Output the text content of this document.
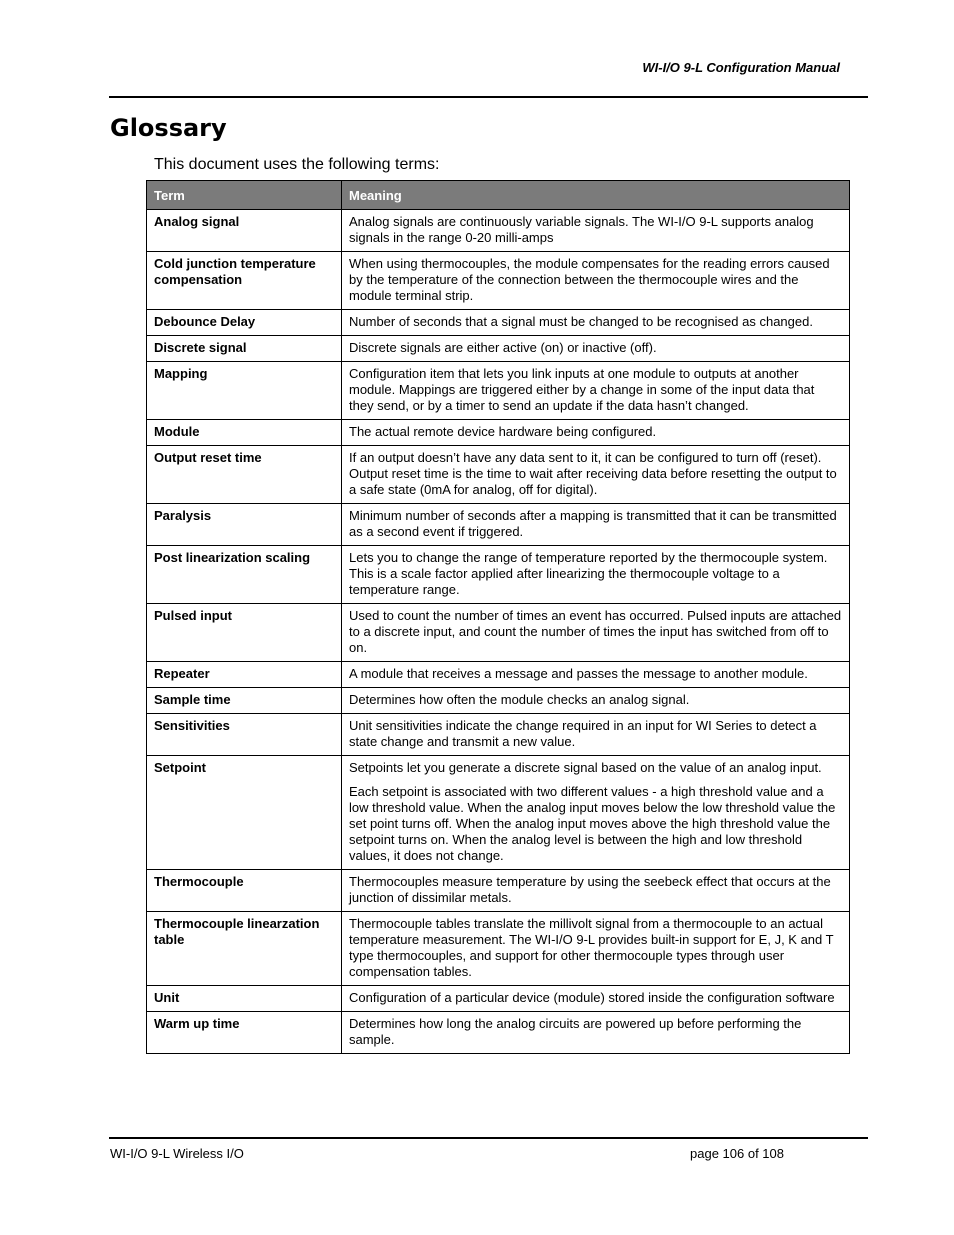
WI-I/O 9-L Configuration Manual
Glossary
This document uses the following terms:
Term	Meaning
Analog signal	Analog signals are continuously variable signals. The WI-I/O 9-L supports analog signals in the range 0-20 milli-amps

Cold junction temperature compensation	When using thermocouples, the module compensates for the reading errors caused by the temperature of the connection between the thermocouple wires and the module terminal strip.

Debounce Delay	Number of seconds that a signal must be changed to be recognised as changed.

Discrete signal	Discrete signals are either active (on) or inactive (off).

Mapping	Configuration item that lets you link inputs at one module to outputs at another module. Mappings are triggered either by a change in some of the input data that they send, or by a timer to send an update if the data hasn’t changed.

Module	The actual remote device hardware being configured.

Output reset time	If an output doesn’t have any data sent to it, it can be configured to turn off (reset). Output reset time is the time to wait after receiving data before resetting the output to a safe state (0mA for analog, off for digital).

Paralysis	Minimum number of seconds after a mapping is transmitted that it can be transmitted as a second event if triggered.

Post linearization scaling	Lets you to change the range of temperature reported by the thermocouple system. This is a scale factor applied after linearizing the thermocouple voltage to a temperature range.

Pulsed input	Used to count the number of times an event has occurred. Pulsed inputs are attached to a discrete input, and count the number of times the input has switched from off to on.

Repeater	A module that receives a message and passes the message to another module.

Sample time	Determines how often the module checks an analog signal.

Sensitivities	Unit sensitivities indicate the change required in an input for WI Series to detect a state change and transmit a new value.

Setpoint	Setpoints let you generate a discrete signal based on the value of an analog input.

Each setpoint is associated with two different values - a high threshold value and a low threshold value. When the analog input moves below the low threshold value the set point turns off. When the analog input moves above the high threshold value the setpoint turns on. When the analog level is between the high and low threshold values, it does not change.

Thermocouple	Thermocouples measure temperature by using the seebeck effect that occurs at the junction of dissimilar metals.

Thermocouple linearzation table	Thermocouple tables translate the millivolt signal from a thermocouple to an actual temperature measurement. The WI-I/O 9-L provides built-in support for E, J, K and T type thermocouples, and support for other thermocouple types through user compensation tables.

Unit	Configuration of a particular device (module) stored inside the configuration software

Warm up time	Determines how long the analog circuits are powered up before performing the sample.

WI-I/O 9-L Wireless I/O	page 106 of 108
